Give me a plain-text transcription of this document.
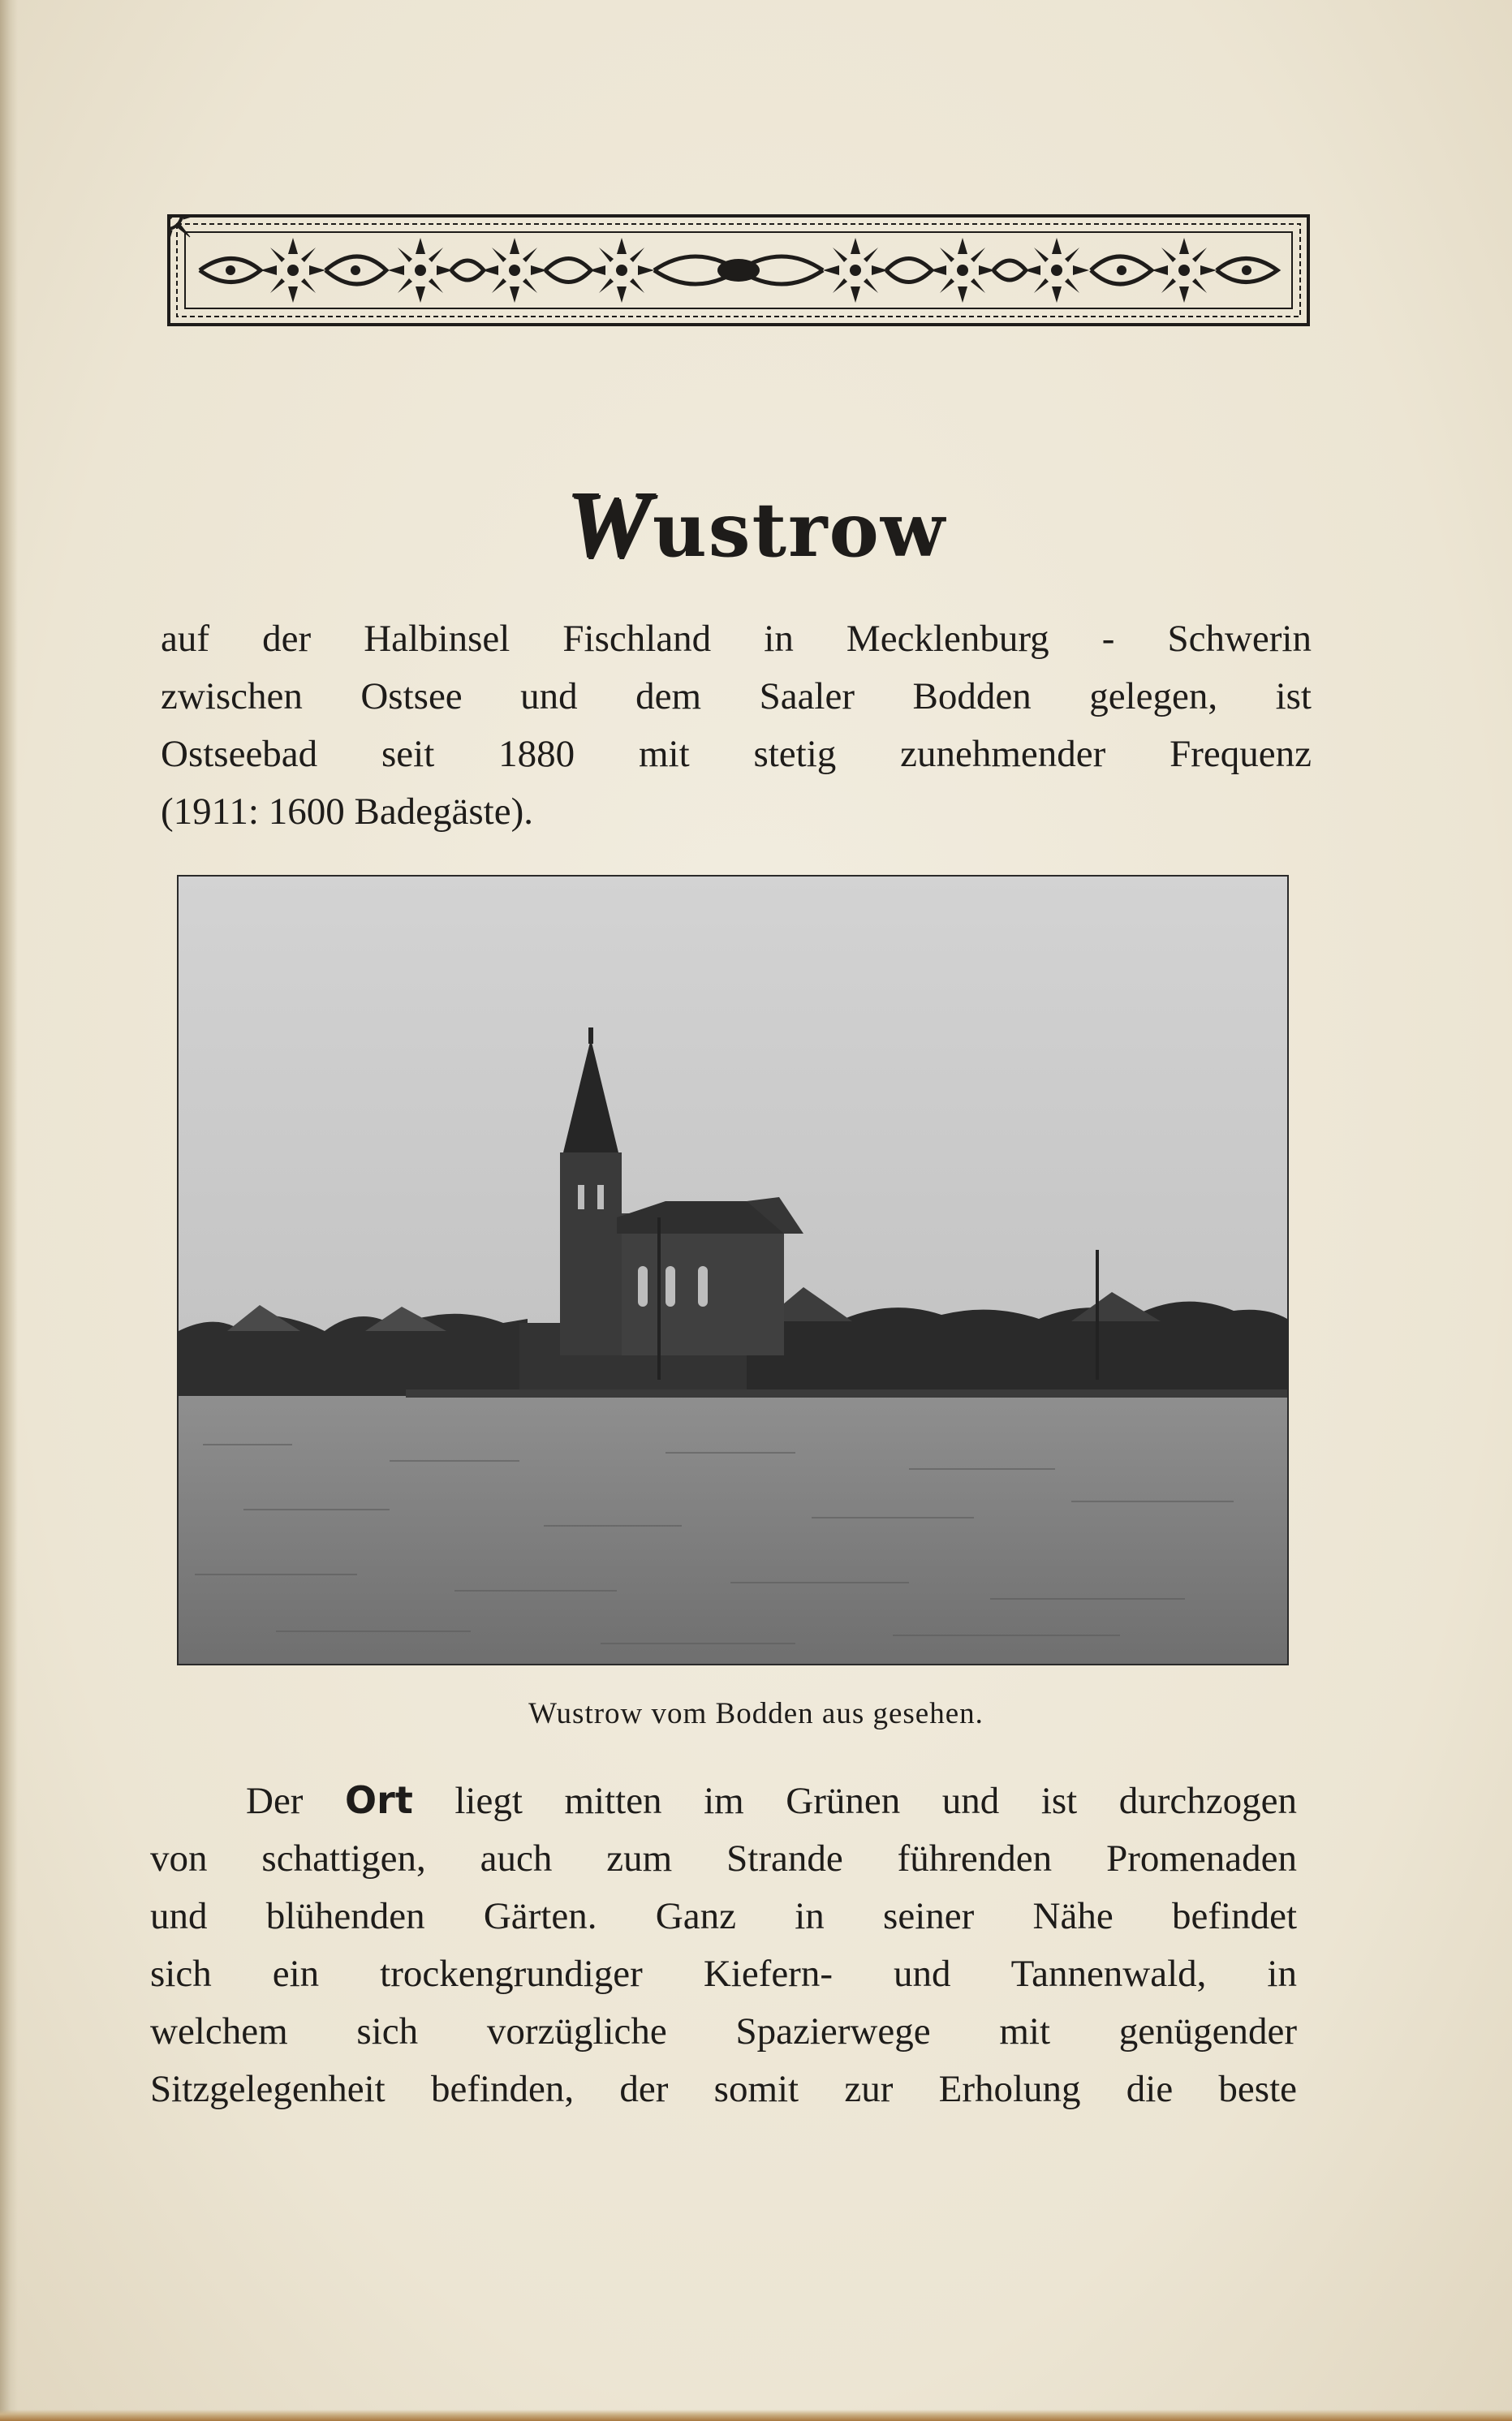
Wustrow
auf der Halbinsel Fischland in Mecklenburg - Schwerin
zwischen Ostsee und dem Saaler Bodden gelegen, ist
Ostseebad seit 1880 mit stetig zunehmender Frequenz
(1911: 1600 Badegäste).
Wustrow vom Bodden aus gesehen.
Der Ort liegt mitten im Grünen und ist durchzogen
von schattigen, auch zum Strande führenden Promenaden
und blühenden Gärten. Ganz in seiner Nähe befindet
sich ein trockengrundiger Kiefern- und Tannenwald, in
welchem sich vorzügliche Spazierwege mit genügender
Sitzgelegenheit befinden, der somit zur Erholung die beste
